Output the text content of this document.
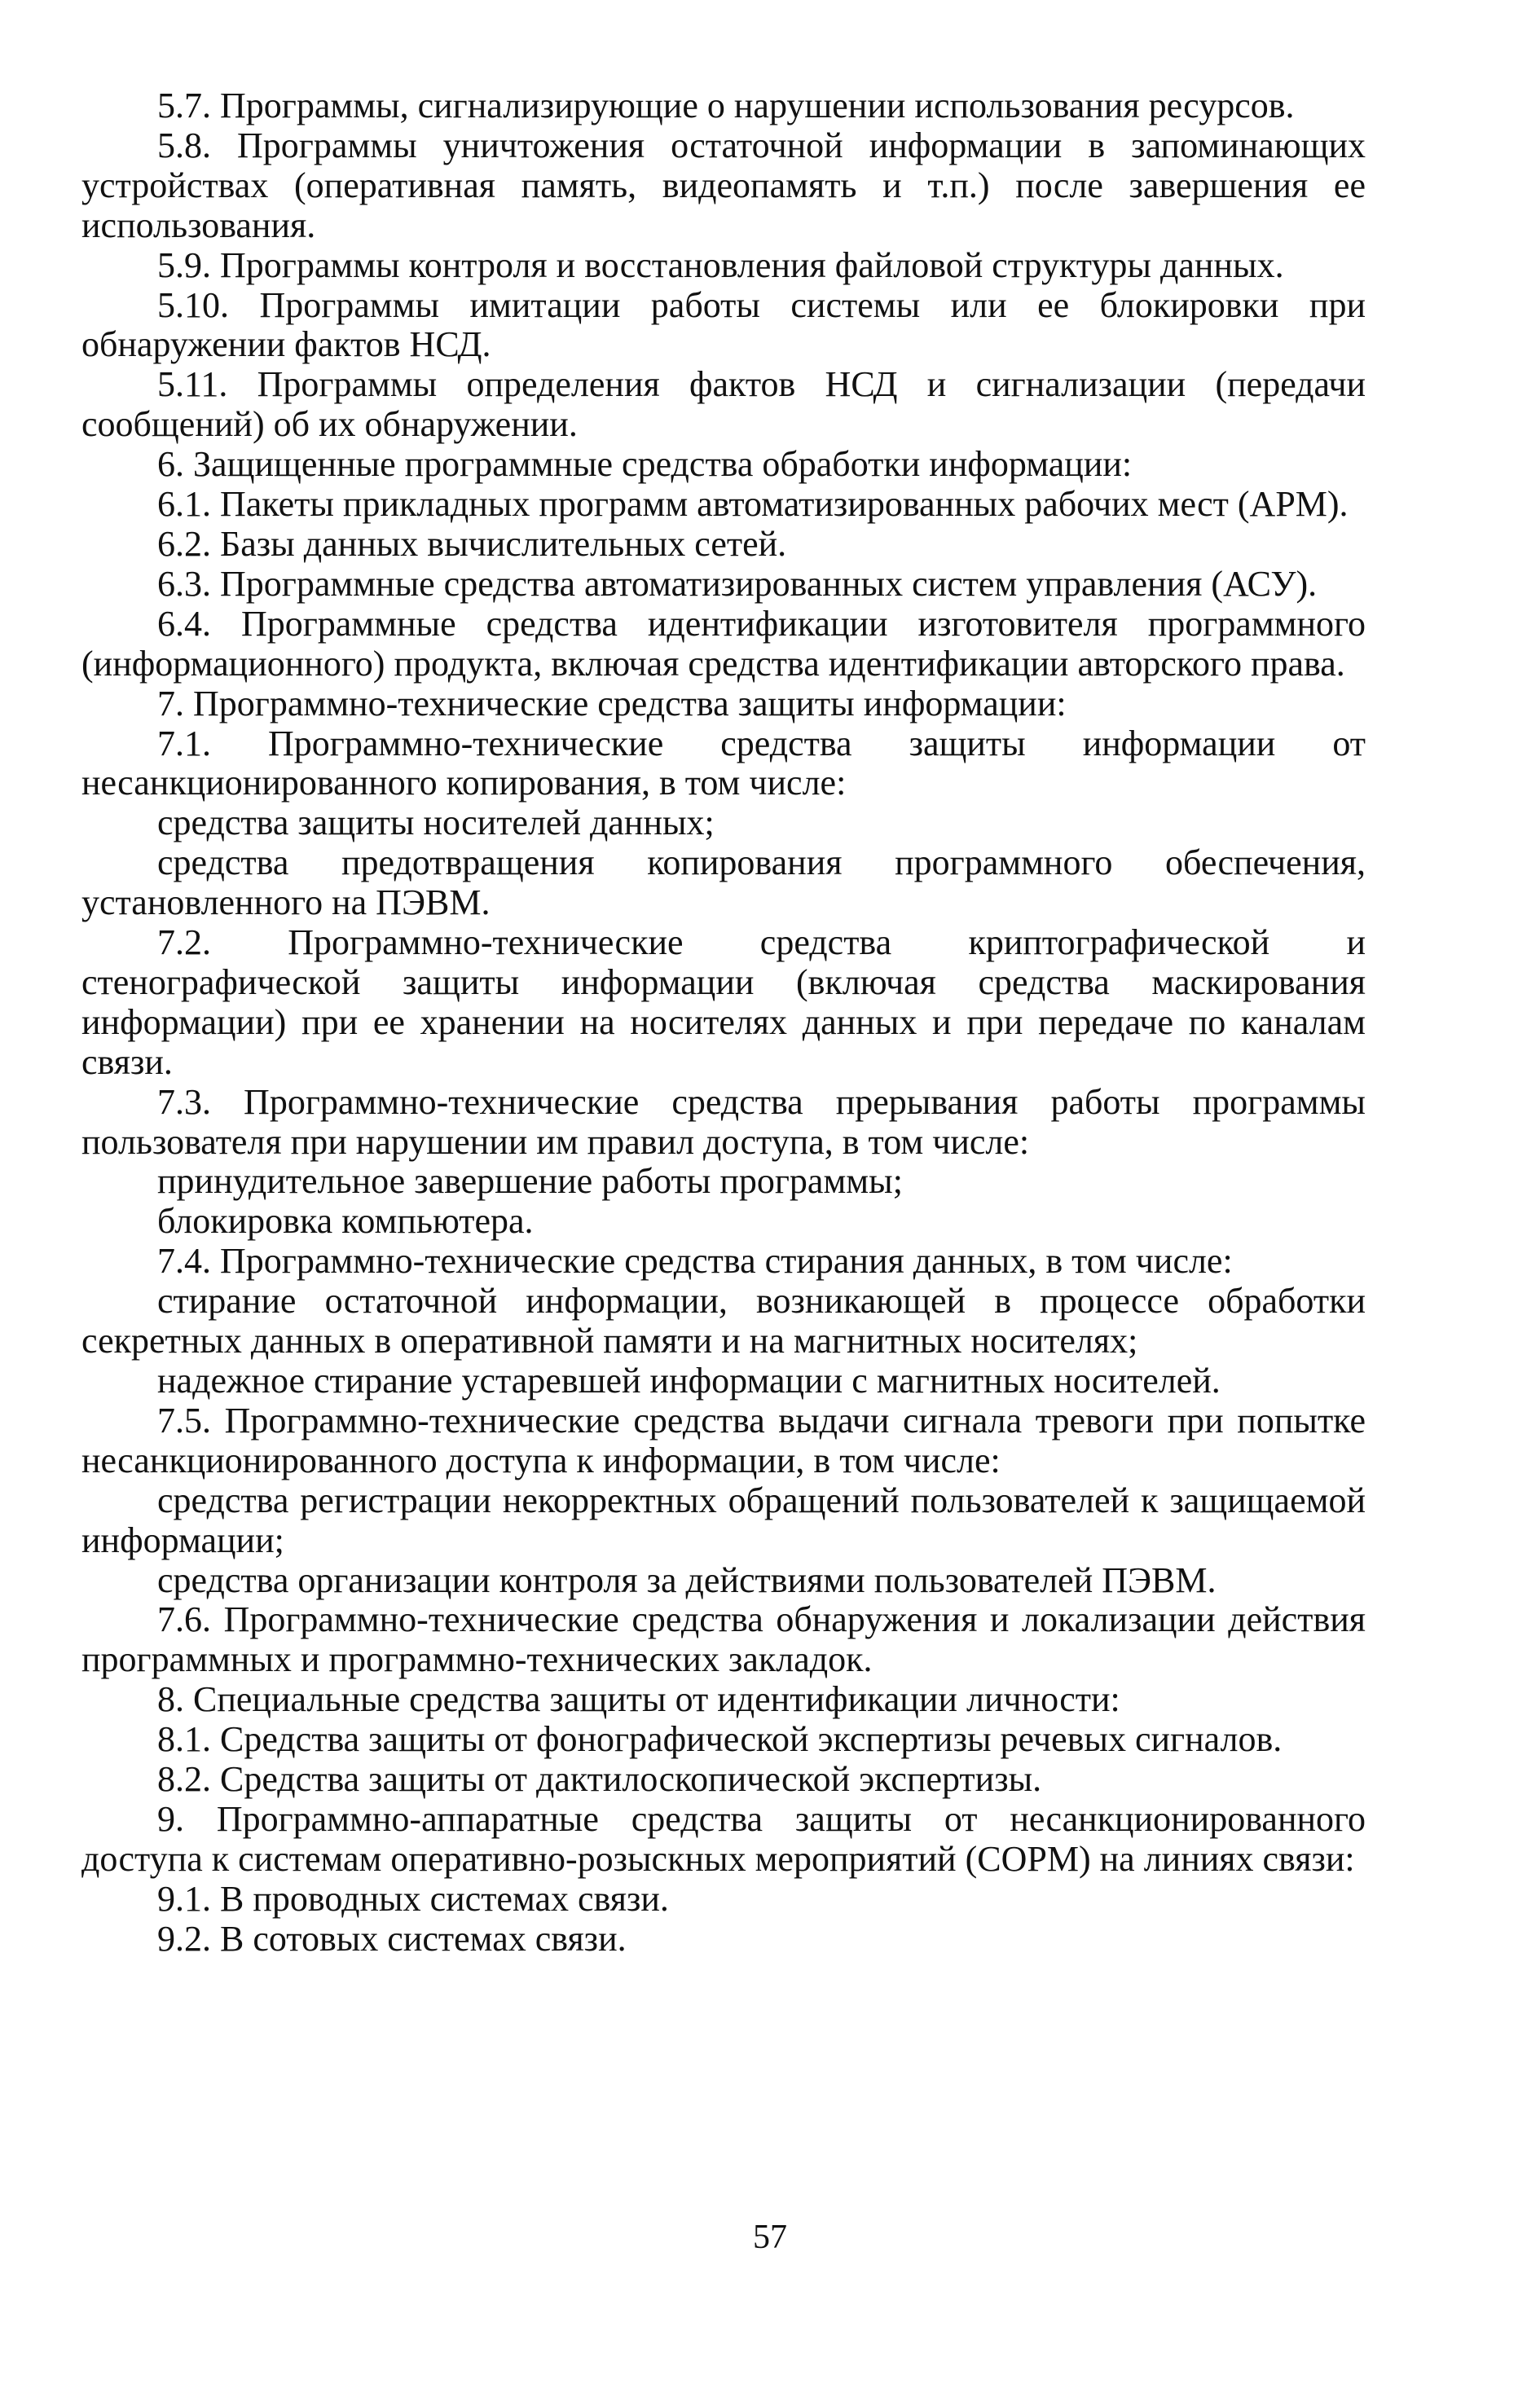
5.7. Программы, сигнализирующие о нарушении использования ресурсов.

5.8. Программы уничтожения остаточной информации в запоминающих устройствах (оперативная память, видеопамять и т.п.) после завершения ее использования.

5.9. Программы контроля и восстановления файловой структуры данных.

5.10. Программы имитации работы системы или ее блокировки при обнаружении фактов НСД.

5.11. Программы определения фактов НСД и сигнализации (передачи сообщений) об их обнаружении.

6. Защищенные программные средства обработки информации:

6.1. Пакеты прикладных программ автоматизированных рабочих мест (АРМ).

6.2. Базы данных вычислительных сетей.

6.3. Программные средства автоматизированных систем управления (АСУ).

6.4. Программные средства идентификации изготовителя программного (информационного) продукта, включая средства идентификации авторского права.

7. Программно-технические средства защиты информации:

7.1. Программно-технические средства защиты информации от несанкционированного копирования, в том числе:

средства защиты носителей данных;

средства предотвращения копирования программного обеспечения, установленного на ПЭВМ.

7.2. Программно-технические средства криптографической и стенографической защиты информации (включая средства маскирования информации) при ее хранении на носителях данных и при передаче по каналам связи.

7.3. Программно-технические средства прерывания работы программы пользователя при нарушении им правил доступа, в том числе:

принудительное завершение работы программы;

блокировка компьютера.

7.4. Программно-технические средства стирания данных, в том числе:

стирание остаточной информации, возникающей в процессе обработки секретных данных в оперативной памяти и на магнитных носителях;

надежное стирание устаревшей информации с магнитных носителей.

7.5. Программно-технические средства выдачи сигнала тревоги при попытке несанкционированного доступа к информации, в том числе:

средства регистрации некорректных обращений пользователей к защищаемой информации;

средства организации контроля за действиями пользователей ПЭВМ.

7.6. Программно-технические средства обнаружения и локализации действия программных и программно-технических закладок.

8. Специальные средства защиты от идентификации личности:

8.1. Средства защиты от фонографической экспертизы речевых сигналов.

8.2. Средства защиты от дактилоскопической экспертизы.

9. Программно-аппаратные средства защиты от несанкционированного доступа к системам оперативно-розыскных мероприятий (СОРМ) на линиях связи:

9.1. В проводных системах связи.

9.2. В сотовых системах связи.

57
